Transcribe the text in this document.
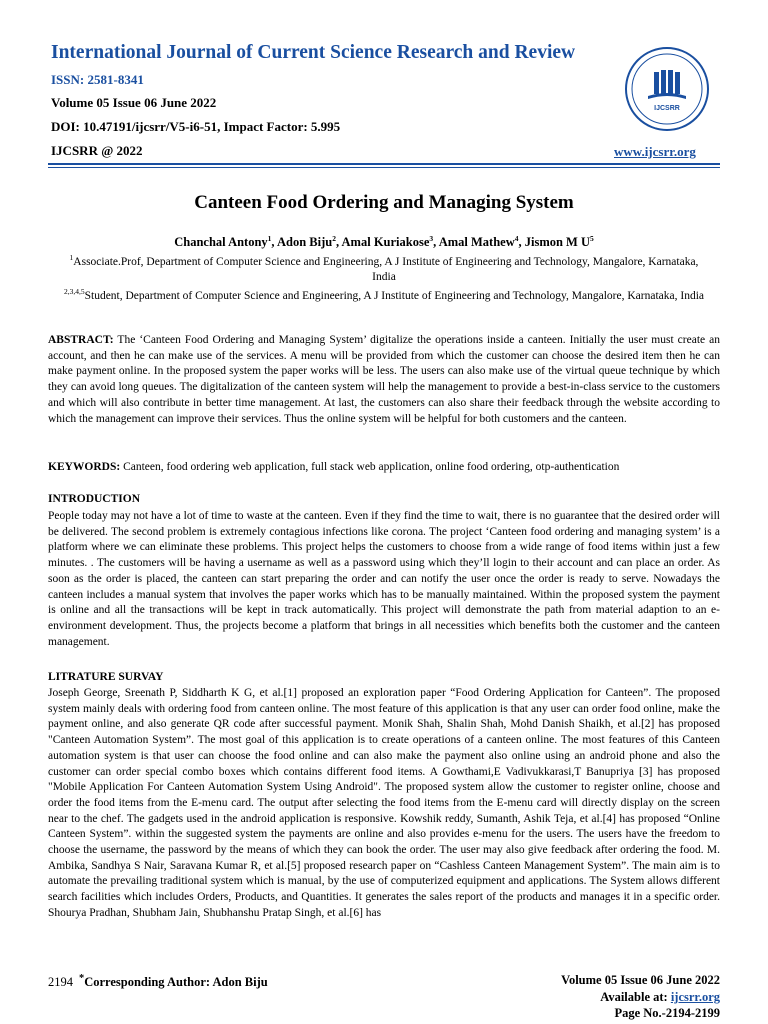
International Journal of Current Science Research and Review
ISSN: 2581-8341
Volume 05 Issue 06 June 2022
DOI: 10.47191/ijcsrr/V5-i6-51, Impact Factor: 5.995
IJCSRR @ 2022
IJCSRR
www.ijcsrr.org
Canteen Food Ordering and Managing System
Chanchal Antony$^1$, Adon Biju$^2$, Amal Kuriakose$^3$, Amal Mathew$^4$, Jismon M $U^5$
$^1$Associate.Prof, Department of Computer Science and Engineering, A J Institute of Engineering and Technology, Mangalore, Karnataka, India
$^{2,3,4,5}$Student, Department of Computer Science and Engineering, A J Institute of Engineering and Technology, Mangalore, Karnataka, India
ABSTRACT: The ‘Canteen Food Ordering and Managing System’ digitalize the operations inside a canteen. Initially the user must create an account, and then he can make use of the services. A menu will be provided from which the customer can choose the desired item then he can make payment online. In the proposed system the paper works will be less. The users can also make use of the virtual queue technique by which they can avoid long queues. The digitalization of the canteen system will help the management to provide a best-in-class service to the customers and which will also contribute in better time management. At last, the customers can also share their feedback through the website according to which the management can improve their services. Thus the online system will be helpful for both customers and the canteen.
KEYWORDS: Canteen, food ordering web application, full stack web application, online food ordering, otp-authentication
INTRODUCTION
People today may not have a lot of time to waste at the canteen. Even if they find the time to wait, there is no guarantee that the desired order will be delivered. The second problem is extremely contagious infections like corona. The project ‘Canteen food ordering and managing system’ is a platform where we can eliminate these problems. This project helps the customers to choose from a wide range of food items within just a few minutes. . The customers will be having a username as well as a password using which they’ll login to their account and can place an order. As soon as the order is placed, the canteen can start preparing the order and can notify the user once the order is ready to serve. Nowadays the canteen includes a manual system that involves the paper works which has to be manually maintained. Within the proposed system the payment is online and all the transactions will be kept in track automatically. This project will demonstrate the path from material adaption to an e-environment development. Thus, the projects become a platform that brings in all necessities which benefits both the customer and the canteen management.
LITRATURE SURVAY
Joseph George, Sreenath P, Siddharth K G, et al.[1] proposed an exploration paper “Food Ordering Application for Canteen”. The proposed system mainly deals with ordering food from canteen online. The most feature of this application is that any user can order food online, make the payment online, and also generate QR code after successful payment. Monik Shah, Shalin Shah, Mohd Danish Shaikh, et al.[2] has proposed "Canteen Automation System”. The most goal of this application is to create operations of a canteen online. The most features of this Canteen automation system is that user can choose the food online and can also make the payment also online using an android phone and also the customer can order special combo boxes which contains different food items. A Gowthami,E Vadivukkarasi,T Banupriya [3] has proposed "Mobile Application For Canteen Automation System Using Android". The proposed system allow the customer to register online, choose and order the food items from the E-menu card. The output after selecting the food items from the E-menu card will directly display on the screen near to the chef. The gadgets used in the android application is responsive. Kowshik reddy, Sumanth, Ashik Teja, et al.[4] has proposed “Online Canteen System”. within the suggested system the payments are online and also provides e-menu for the users. The users have the freedom to choose the username, the password by the means of which they can book the order. The user may also give feedback after ordering the food. M. Ambika, Sandhya S Nair, Saravana Kumar R, et al.[5] proposed research paper on “Cashless Canteen Management System”. The main aim is to automate the prevailing traditional system which is manual, by the use of computerized equipment and applications. The System allows different search facilities which includes Orders, Products, and Quantities. It generates the sales report of the products and manages it in a specific order. Shourya Pradhan, Shubham Jain, Shubhanshu Pratap Singh, et al.[6] has
2194 *Corresponding Author: Adon Biju	Volume 05 Issue 06 June 2022
Available at: ijcsrr.org
Page No.-2194-2199
